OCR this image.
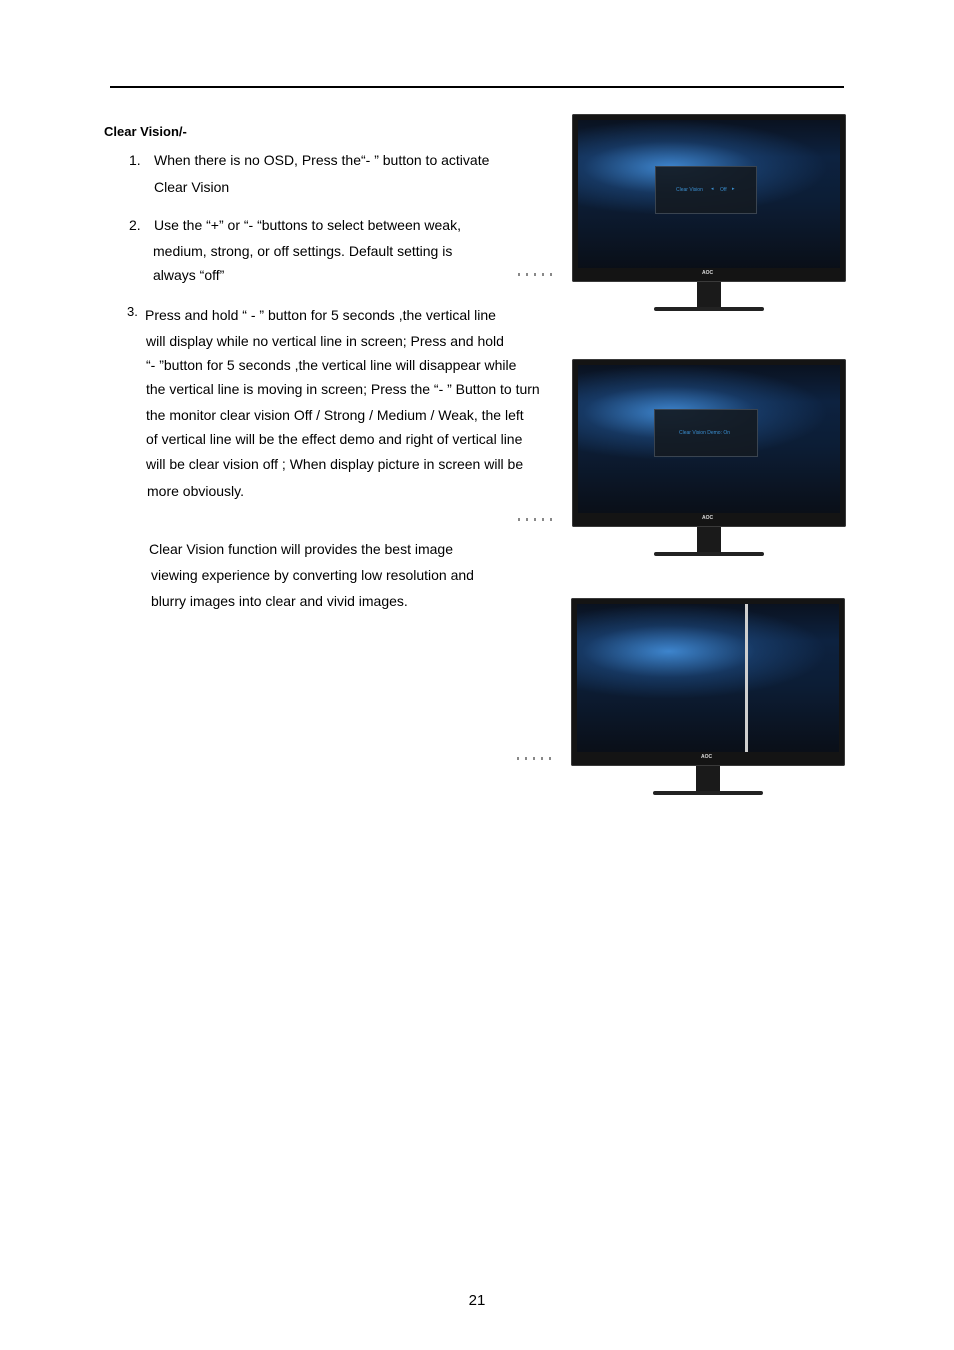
Clear Vision/-
1. When there is no OSD, Press the“- ” button to activate
Clear Vision
2. Use the “+” or “- “buttons to select between weak,
medium, strong, or off settings. Default setting is
always “off”
3. Press and hold “ - ” button for 5 seconds ,the vertical line
will display while no vertical line in screen; Press and hold
“- ”button for 5 seconds ,the vertical line will disappear while
the vertical line is moving in screen; Press the “- ” Button to turn
the monitor clear vision Off / Strong / Medium / Weak, the left
of vertical line will be the effect demo and right of vertical line
will be clear vision off ; When display picture in screen will be
more obviously.
Clear Vision function will provides the best image
viewing experience by converting low resolution and
blurry images into clear and vivid images.
Clear Vision ◂ Off ▸
AOC
Clear Vision Demo: On
AOC
AOC
21
